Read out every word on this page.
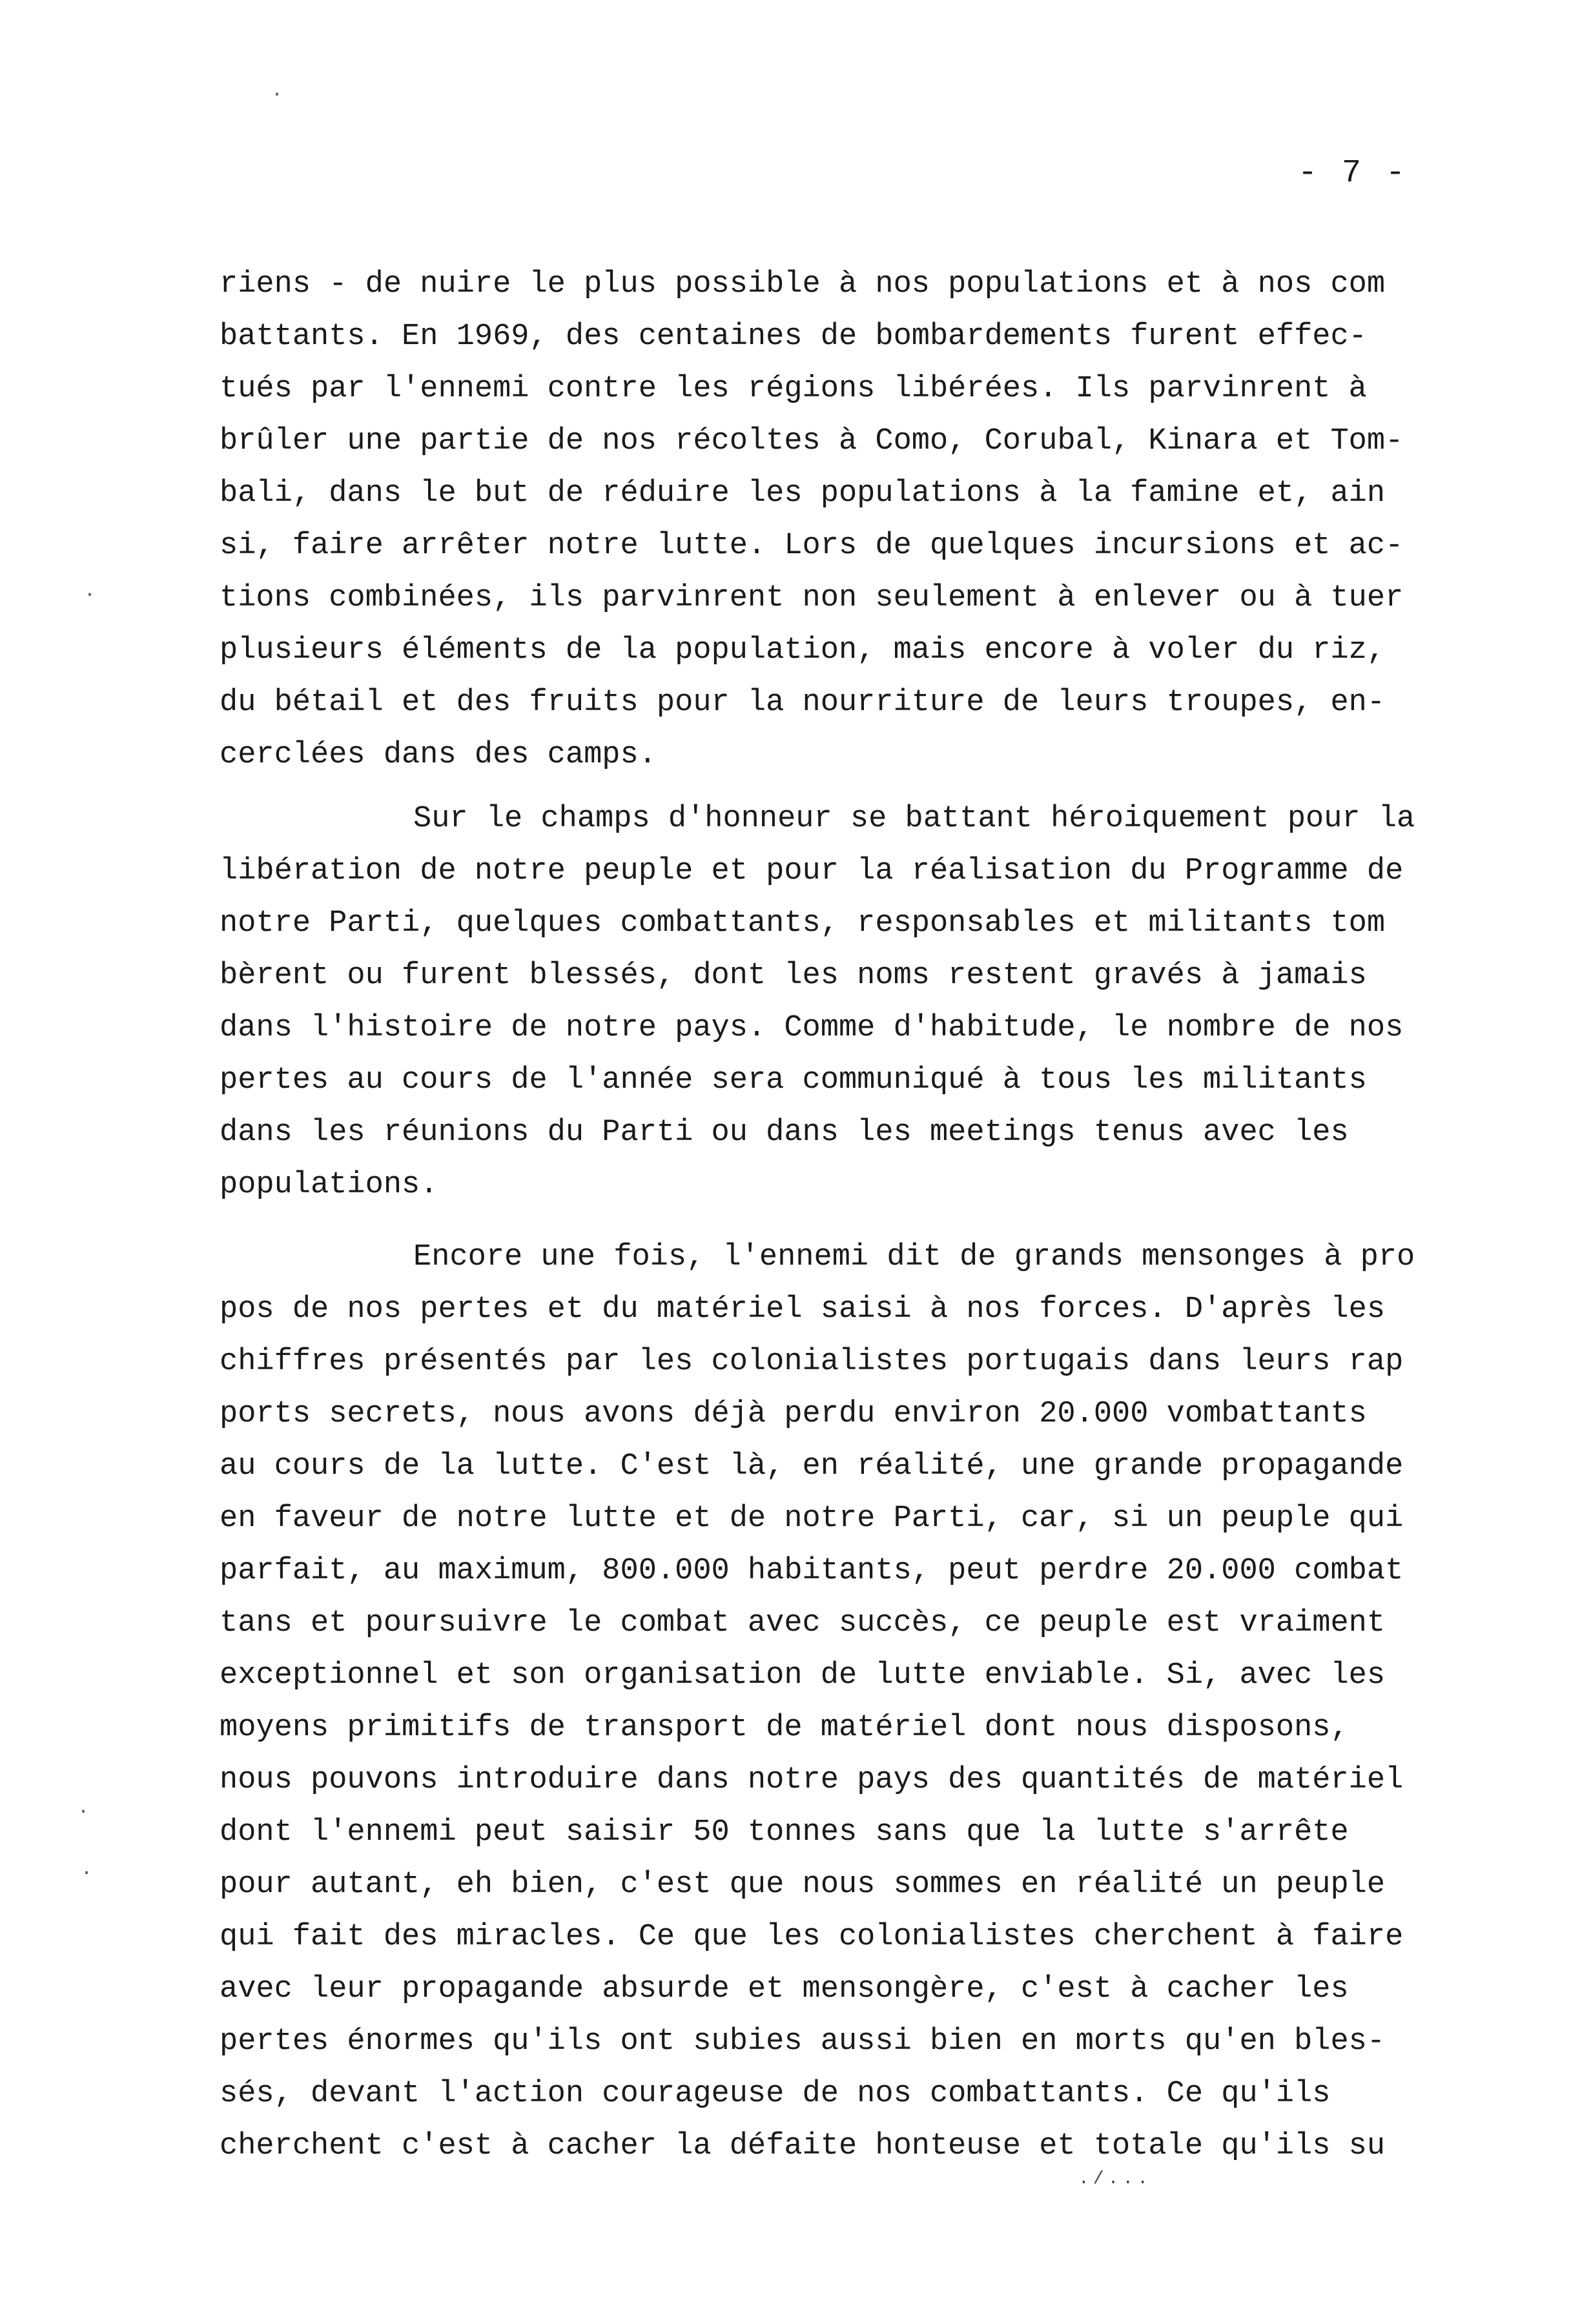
- 7 -
riens - de nuire le plus possible à nos populations et à nos com
battants. En 1969, des centaines de bombardements furent effec-
tués par l'ennemi contre les régions libérées. Ils parvinrent à
brûler une partie de nos récoltes à Como, Corubal, Kinara et Tom-
bali, dans le but de réduire les populations à la famine et, ain
si, faire arrêter notre lutte. Lors de quelques incursions et ac-
tions combinées, ils parvinrent non seulement à enlever ou à tuer
plusieurs éléments de la population, mais encore à voler du riz,
du bétail et des fruits pour la nourriture de leurs troupes, en-
cerclées dans des camps.
Sur le champs d'honneur se battant héroiquement pour la
libération de notre peuple et pour la réalisation du Programme de
notre Parti, quelques combattants, responsables et militants tom
bèrent ou furent blessés, dont les noms restent gravés à jamais
dans l'histoire de notre pays. Comme d'habitude, le nombre de nos
pertes au cours de l'année sera communiqué à tous les militants
dans les réunions du Parti ou dans les meetings tenus avec les
populations.
Encore une fois, l'ennemi dit de grands mensonges à pro
pos de nos pertes et du matériel saisi à nos forces. D'après les
chiffres présentés par les colonialistes portugais dans leurs rap
ports secrets, nous avons déjà perdu environ 20.000 vombattants
au cours de la lutte. C'est là, en réalité, une grande propagande
en faveur de notre lutte et de notre Parti, car, si un peuple qui
parfait, au maximum, 800.000 habitants, peut perdre 20.000 combat
tans et poursuivre le combat avec succès, ce peuple est vraiment
exceptionnel et son organisation de lutte enviable. Si, avec les
moyens primitifs de transport de matériel dont nous disposons,
nous pouvons introduire dans notre pays des quantités de matériel
dont l'ennemi peut saisir 50 tonnes sans que la lutte s'arrête
pour autant, eh bien, c'est que nous sommes en réalité un peuple
qui fait des miracles. Ce que les colonialistes cherchent à faire
avec leur propagande absurde et mensongère, c'est à cacher les
pertes énormes qu'ils ont subies aussi bien en morts qu'en bles-
sés, devant l'action courageuse de nos combattants. Ce qu'ils
cherchent c'est à cacher la défaite honteuse et totale qu'ils su
./...
·
·
·
·
